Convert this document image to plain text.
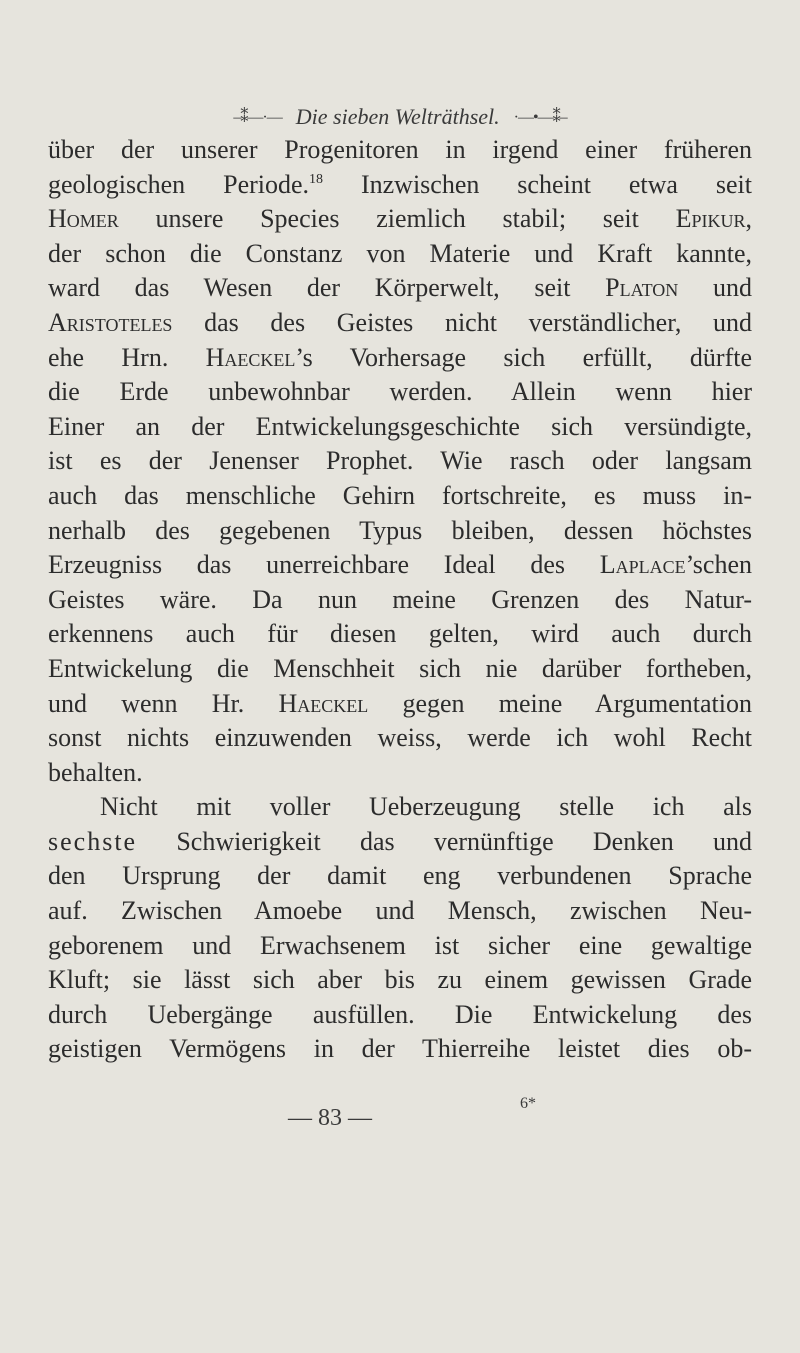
–⁑—·— Die sieben Welträthsel. ·—•—⁑–
über der unserer Progenitoren in irgend einer früheren
geologischen Periode.$^{18}$ Inzwischen scheint etwa seit
Homer unsere Species ziemlich stabil; seit Epikur,
der schon die Constanz von Materie und Kraft kannte,
ward das Wesen der Körperwelt, seit Platon und
Aristoteles das des Geistes nicht verständlicher, und
ehe Hrn. Haeckel’s Vorhersage sich erfüllt, dürfte
die Erde unbewohnbar werden. Allein wenn hier
Einer an der Entwickelungsgeschichte sich versündigte,
ist es der Jenenser Prophet. Wie rasch oder langsam
auch das menschliche Gehirn fortschreite, es muss in-
nerhalb des gegebenen Typus bleiben, dessen höchstes
Erzeugniss das unerreichbare Ideal des Laplace’schen
Geistes wäre. Da nun meine Grenzen des Natur-
erkennens auch für diesen gelten, wird auch durch
Entwickelung die Menschheit sich nie darüber fortheben,
und wenn Hr. Haeckel gegen meine Argumentation
sonst nichts einzuwenden weiss, werde ich wohl Recht
behalten.
Nicht mit voller Ueberzeugung stelle ich als
sechste Schwierigkeit das vernünftige Denken und
den Ursprung der damit eng verbundenen Sprache
auf. Zwischen Amoebe und Mensch, zwischen Neu-
geborenem und Erwachsenem ist sicher eine gewaltige
Kluft; sie lässt sich aber bis zu einem gewissen Grade
durch Uebergänge ausfüllen. Die Entwickelung des
geistigen Vermögens in der Thierreihe leistet dies ob-
— 83 —
6*
